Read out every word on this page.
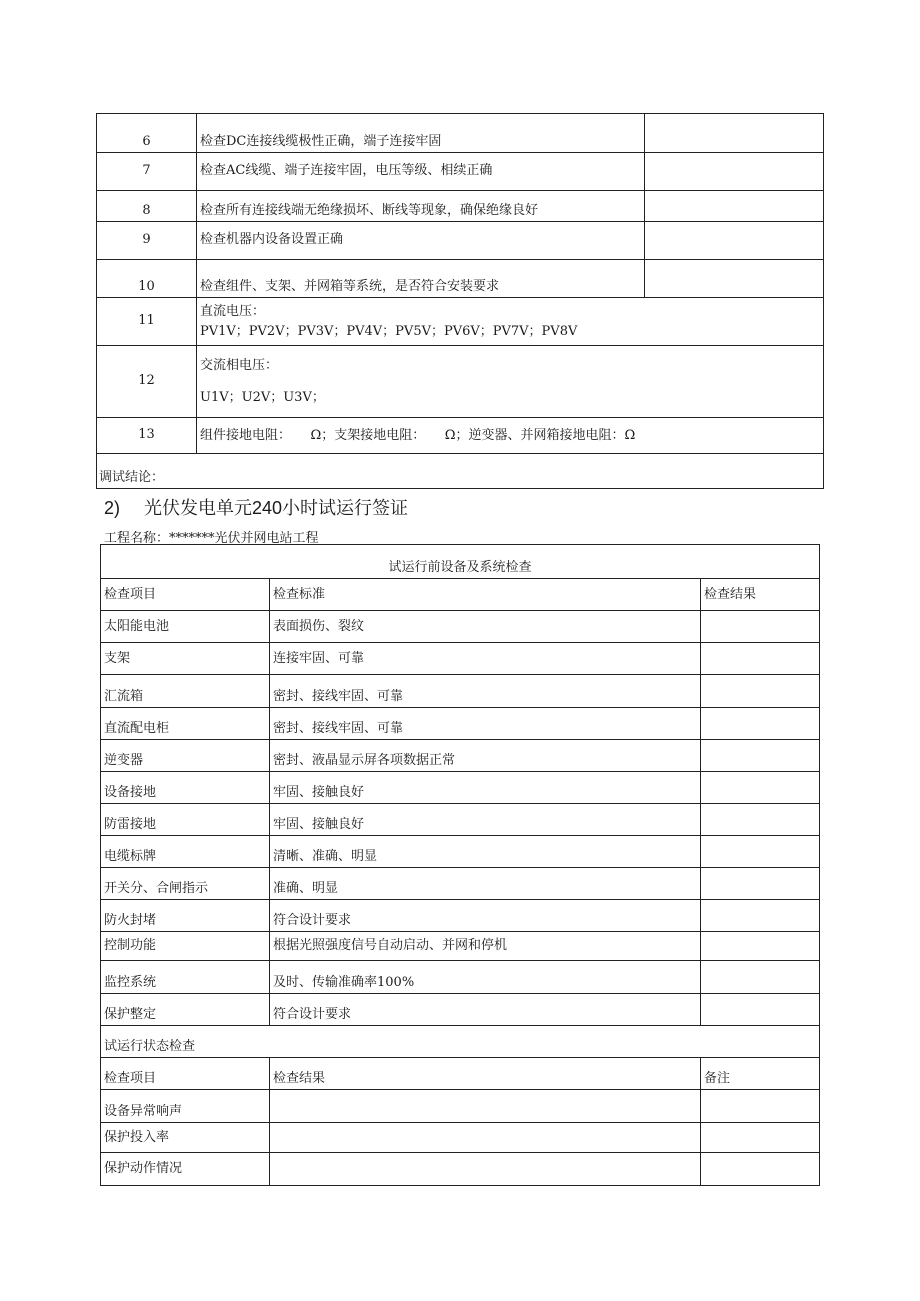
6	检查DC连接线缆极性正确，端子连接牢固	
7	检查AC线缆、端子连接牢固，电压等级、相续正确	
8	检查所有连接线端无绝缘损坏、断线等现象，确保绝缘良好	
9	检查机器内设备设置正确	
10	检查组件、支架、并网箱等系统，是否符合安装要求	
11	直流电压：
PV1V；PV2V；PV3V；PV4V；PV5V；PV6V；PV7V；PV8V	

12	交流相电压：
U1V；U2V；U3V；	

13	组件接地电阻：　　Ω；支架接地电阻：　　Ω；逆变器、并网箱接地电阻：Ω	
调试结论：		
2) 光伏发电单元240小时试运行签证
工程名称：*******光伏并网电站工程
试运行前设备及系统检查		
检查项目	检查标准	检查结果
太阳能电池	表面损伤、裂纹	
支架	连接牢固、可靠	
汇流箱	密封、接线牢固、可靠	
直流配电柜	密封、接线牢固、可靠	
逆变器	密封、液晶显示屏各项数据正常	
设备接地	牢固、接触良好	
防雷接地	牢固、接触良好	
电缆标牌	清晰、准确、明显	
开关分、合闸指示	准确、明显	
防火封堵	符合设计要求	
控制功能	根据光照强度信号自动启动、并网和停机	
监控系统	及时、传输准确率100%	
保护整定	符合设计要求	
试运行状态检查		
检查项目	检查结果	备注
设备异常响声		
保护投入率		
保护动作情况		
